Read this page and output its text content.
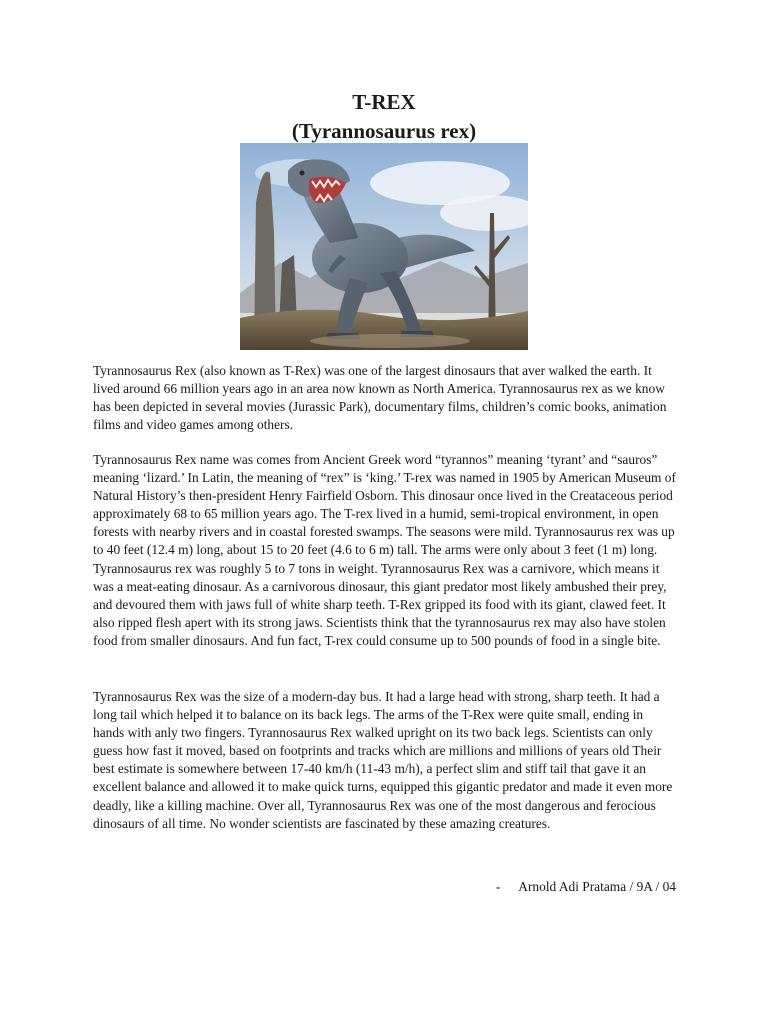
T-REX
(Tyrannosaurus rex)

Tyrannosaurus Rex (also known as T-Rex) was one of the largest dinosaurs that aver walked the earth. It lived around 66 million years ago in an area now known as North America. Tyrannosaurus rex as we know has been depicted in several movies (Jurassic Park), documentary films, children’s comic books, animation films and video games among others.

Tyrannosaurus Rex name was comes from Ancient Greek word “tyrannos” meaning ‘tyrant’ and “sauros” meaning ‘lizard.’ In Latin, the meaning of “rex” is ‘king.’ T-rex was named in 1905 by American Museum of Natural History’s then-president Henry Fairfield Osborn. This dinosaur once lived in the Creataceous period approximately 68 to 65 million years ago. The T-rex lived in a humid, semi-tropical environment, in open forests with nearby rivers and in coastal forested swamps. The seasons were mild. Tyrannosaurus rex was up to 40 feet (12.4 m) long, about 15 to 20 feet (4.6 to 6 m) tall. The arms were only about 3 feet (1 m) long. Tyrannosaurus rex was roughly 5 to 7 tons in weight. Tyrannosaurus Rex was a carnivore, which means it was a meat-eating dinosaur. As a carnivorous dinosaur, this giant predator most likely ambushed their prey, and devoured them with jaws full of white sharp teeth. T-Rex gripped its food with its giant, clawed feet. It also ripped flesh apert with its strong jaws. Scientists think that the tyrannosaurus rex may also have stolen food from smaller dinosaurs. And fun fact, T-rex could consume up to 500 pounds of food in a single bite.

Tyrannosaurus Rex was the size of a modern-day bus. It had a large head with strong, sharp teeth. It had a long tail which helped it to balance on its back legs. The arms of the T-Rex were quite small, ending in hands with anly two fingers. Tyrannosaurus Rex walked upright on its two back legs. Scientists can only guess how fast it moved, based on footprints and tracks which are millions and millions of years old Their best estimate is somewhere between 17-40 km/h (11-43 m/h), a perfect slim and stiff tail that gave it an excellent balance and allowed it to make quick turns, equipped this gigantic predator and made it even more deadly, like a killing machine. Over all, Tyrannosaurus Rex was one of the most dangerous and ferocious dinosaurs of all time. No wonder scientists are fascinated by these amazing creatures.

- Arnold Adi Pratama / 9A / 04
